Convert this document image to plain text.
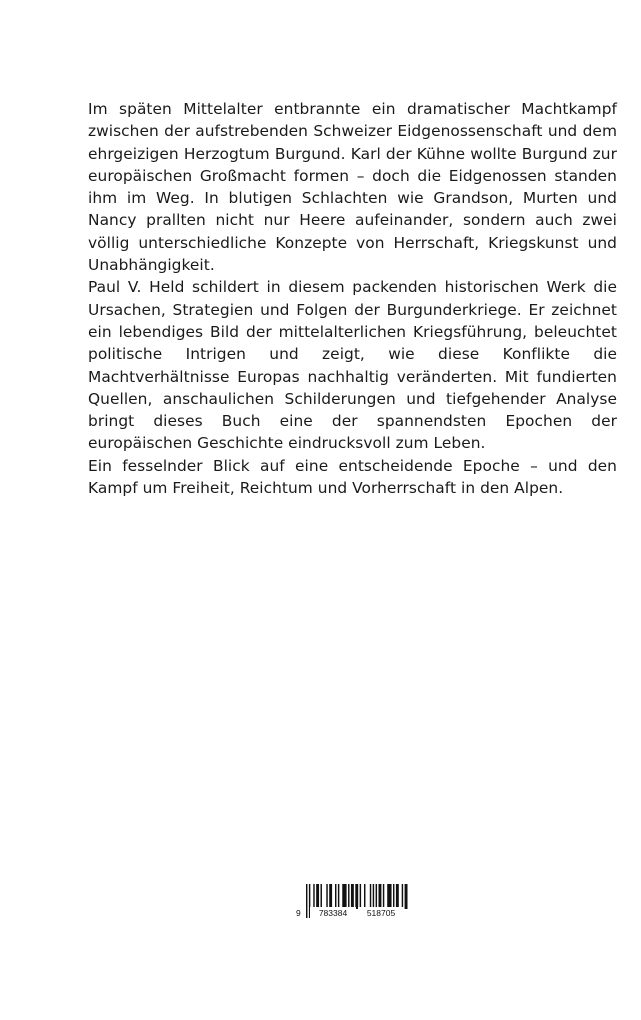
Im späten Mittelalter entbrannte ein dramatischer Machtkampf zwischen der aufstrebenden Schweizer Eidgenossenschaft und dem ehrgeizigen Herzogtum Burgund. Karl der Kühne wollte Burgund zur europäischen Großmacht formen – doch die Eidgenossen standen ihm im Weg. In blutigen Schlachten wie Grandson, Murten und Nancy prallten nicht nur Heere aufeinander, sondern auch zwei völlig unterschiedliche Konzepte von Herrschaft, Kriegskunst und Unabhängigkeit.

Paul V. Held schildert in diesem packenden historischen Werk die Ursachen, Strategien und Folgen der Burgunderkriege. Er zeichnet ein lebendiges Bild der mittelalterlichen Kriegsführung, beleuchtet politische Intrigen und zeigt, wie diese Konflikte die Machtverhältnisse Europas nachhaltig veränderten. Mit fundierten Quellen, anschaulichen Schilderungen und tiefgehender Analyse bringt dieses Buch eine der spannendsten Epochen der europäischen Geschichte eindrucksvoll zum Leben.

Ein fesselnder Blick auf eine entscheidende Epoche – und den Kampf um Freiheit, Reichtum und Vorherrschaft in den Alpen.

9	783384	518705
